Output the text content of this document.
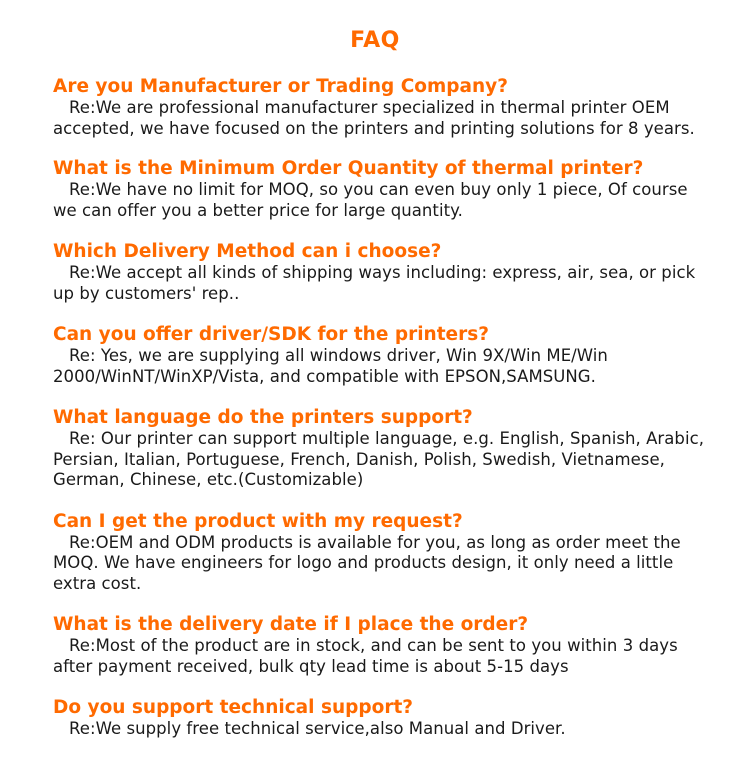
FAQ
Are you Manufacturer or Trading Company?
Re:We are professional manufacturer specialized in thermal printer OEM accepted, we have focused on the printers and printing solutions for 8 years.
What is the Minimum Order Quantity of thermal printer?
Re:We have no limit for MOQ, so you can even buy only 1 piece, Of course we can offer you a better price for large quantity.
Which Delivery Method can i choose?
Re:We accept all kinds of shipping ways including: express, air, sea, or pick up by customers' rep..
Can you offer driver/SDK for the printers?
Re: Yes, we are supplying all windows driver, Win 9X/Win ME/Win 2000/WinNT/WinXP/Vista, and compatible with EPSON,SAMSUNG.
What language do the printers support?
Re: Our printer can support multiple language, e.g. English, Spanish, Arabic, Persian, Italian, Portuguese, French, Danish, Polish, Swedish, Vietnamese, German, Chinese, etc.(Customizable)
Can I get the product with my request?
Re:OEM and ODM products is available for you, as long as order meet the MOQ. We have engineers for logo and products design, it only need a little extra cost.
What is the delivery date if I place the order?
Re:Most of the product are in stock, and can be sent to you within 3 days after payment received, bulk qty lead time is about 5-15 days
Do you support technical support?
Re:We supply free technical service,also Manual and Driver.
